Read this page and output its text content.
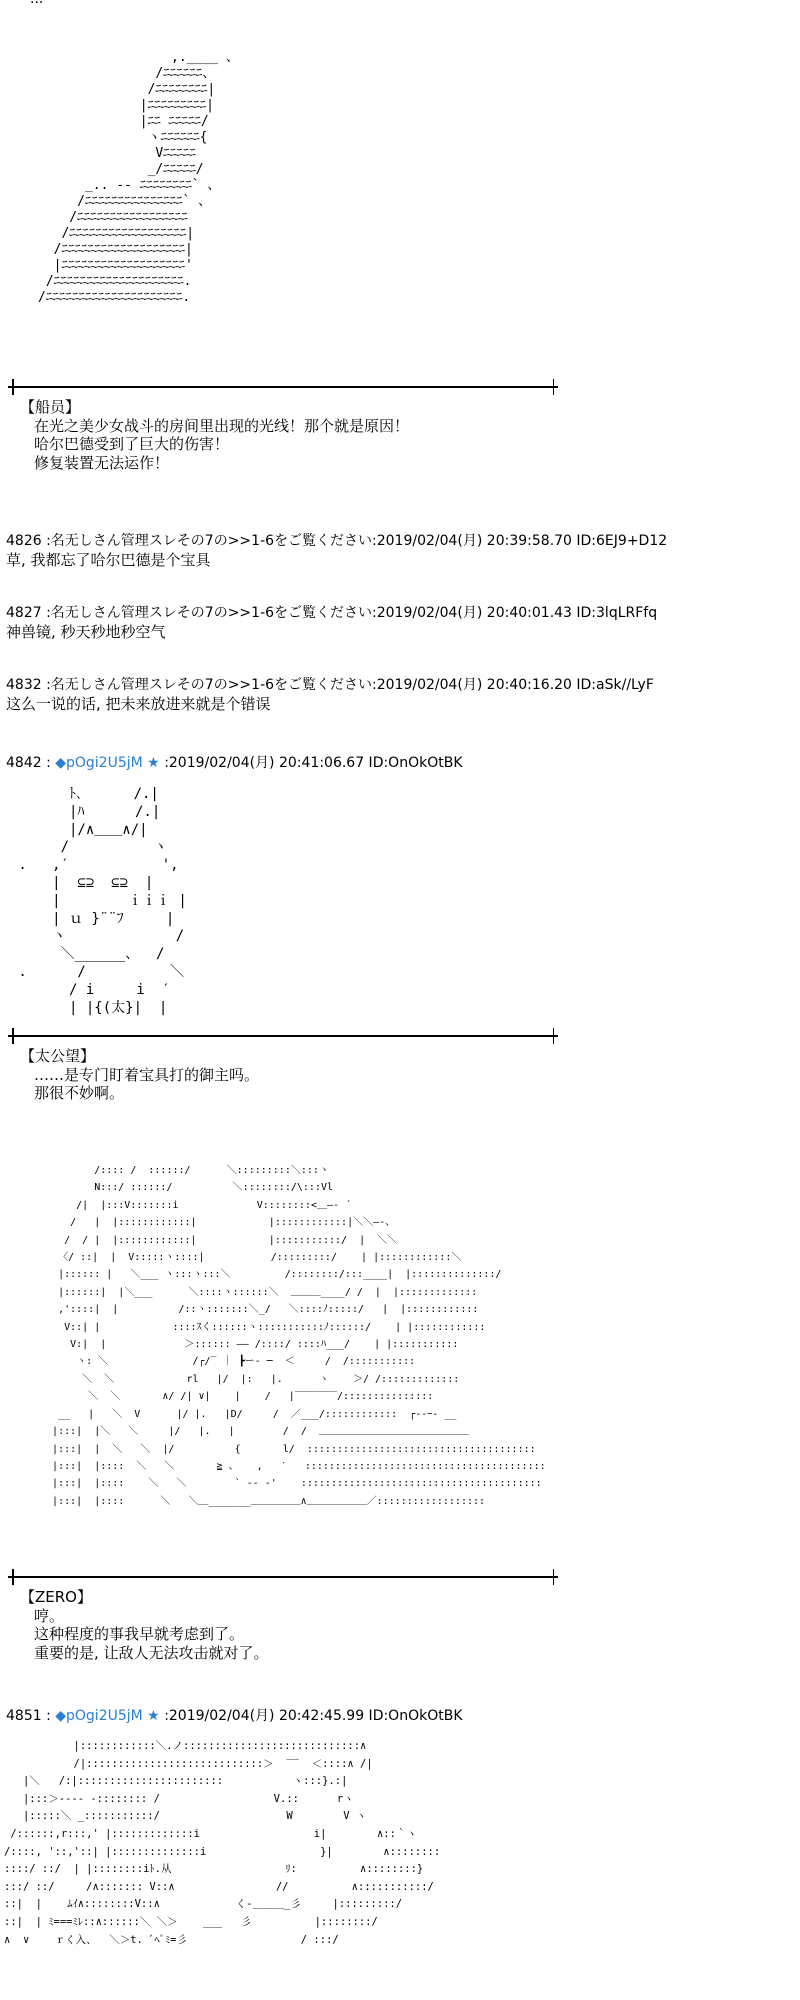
,.____ 、
/ﾆﾆﾆﾆﾆﾆ、
/ﾆﾆﾆﾆﾆﾆﾆﾆ|
|ﾆﾆﾆﾆﾆﾆﾆﾆﾆ|
|ﾆﾆ ﾆﾆﾆﾆﾆ/
ヽﾆﾆﾆﾆﾆﾆ{
Vﾆﾆﾆﾆﾆ
_/ﾆﾆﾆﾆﾆ/
_.. -‐ ﾆﾆﾆﾆﾆﾆﾆﾆ` 、
/ﾆﾆﾆﾆﾆﾆﾆﾆﾆﾆﾆﾆﾆﾆﾆ` 、
/ﾆﾆﾆﾆﾆﾆﾆﾆﾆﾆﾆﾆﾆﾆﾆﾆﾆ
/ﾆﾆﾆﾆﾆﾆﾆﾆﾆﾆﾆﾆﾆﾆﾆﾆﾆﾆ|
/ﾆﾆﾆﾆﾆﾆﾆﾆﾆﾆﾆﾆﾆﾆﾆﾆﾆﾆﾆ|
|ﾆﾆﾆﾆﾆﾆﾆﾆﾆﾆﾆﾆﾆﾆﾆﾆﾆﾆﾆ'
/ﾆﾆﾆﾆﾆﾆﾆﾆﾆﾆﾆﾆﾆﾆﾆﾆﾆﾆﾆﾆ.
/ﾆﾆﾆﾆﾆﾆﾆﾆﾆﾆﾆﾆﾆﾆﾆﾆﾆﾆﾆﾆﾆ.
【船员】
在光之美少女战斗的房间里出现的光线！那个就是原因！
哈尔巴德受到了巨大的伤害！
修复装置无法运作！
4826 :名无しさん管理スレその7の>>1-6をご覧ください:2019/02/04(月) 20:39:58.70 ID:6EJ9+D12
草, 我都忘了哈尔巴德是个宝具
4827 :名无しさん管理スレその7の>>1-6をご覧ください:2019/02/04(月) 20:40:01.43 ID:3lqLRFfq
神兽镜, 秒天秒地秒空气
4832 :名无しさん管理スレその7の>>1-6をご覧ください:2019/02/04(月) 20:40:16.20 ID:aSk//LyF
这么一说的话, 把未来放进来就是个错误
4842 : ◆pOgi2U5jM ★ :2019/02/04(月) 20:41:06.67 ID:OnOkOtBK
ﾄ､      /.|
|ﾊ      /.|
|/∧＿＿∧/|
/          ヽ
.   ,′           ',
|  ⊆⊇  ⊆⊇  |
|        ｉｉｉ |
| ｕ }¨¨ﾌ     |
ヽ             /
＼______、  /
.      /          ＼
/ i     i  ′
| |{(太}|  |
【太公望】
……是专门盯着宝具打的御主吗。
那很不妙啊。
/:::: /  ::::::/      ＼:::::::::＼:::ヽ
N:::/ ::::::/          ＼::::::::/\:::Vl
/|  |:::V:::::::i             V::::::::<＿—‐ ´
/   |  |::::::::::::|            |::::::::::::|＼＼—-、
/  / |  |::::::::::::|            |:::::::::::/  |  ＼＼
〈/ ::|  |  V:::::ヽ::::|           /:::::::::/    | |::::::::::::＼
|:::::: |   ＼___ ヽ:::ヽ:::＼         /::::::::/:::____|  |::::::::::::::/
|::::::|  |＼___      ＼::::ヽ::::::＼  ＿＿＿____/ /  |  |:::::::::::::
,'::::|  |          /::ヽ:::::::＼_/   ＼::::ﾉ:::::/   |  |::::::::::::
V::| |            ::::ｽく::::::ヽ:::::::::::ﾉ::::::/    | |::::::::::::
V:|  |             ＞:::::: —— /::::/ ::::ﾊ___/    | |:::::::::::
ヽ: ＼              ∕┌/‾ ｜ ┣ー‐ ─  ＜     /  /:::::::::::
＼  ＼            rl   |/  |:   |.      ヽ    ＞/ /:::::::::::::
＼  ＼       ∧/ /| ∨|    |    /   |‾‾‾‾‾‾‾/:::::::::::::::
__   |   ＼  V      |/ |.   |D/     /  ／___/::::::::::::  ┌‐-ｰ- __
|:::|  |＼   ＼     |/   |.   |        /  /  ＿＿＿＿＿＿＿＿＿＿＿＿＿＿＿
|:::|  |  ＼   ＼  |/          {       l/  ::::::::::::::::::::::::::::::::::::::
|:::|  |::::  ＼   ＼       ≧ 、   ,   ′   ::::::::::::::::::::::::::::::::::::::::
|:::|  |::::    ＼   ＼        ` ‐- ‐'    ::::::::::::::::::::::::::::::::::::::::
|:::|  |::::      ＼   ＼＿_______＿＿＿＿＿∧＿＿＿＿＿＿／::::::::::::::::::

【ZERO】
哼。
这种程度的事我早就考虑到了。
重要的是, 让敌人无法攻击就对了。
4851 : ◆pOgi2U5jM ★ :2019/02/04(月) 20:42:45.99 ID:OnOkOtBK
|::::::::::::＼.ノ::::::::::::::::::::::::::::∧
/|::::::::::::::::::::::::::::＞  ‾‾  ＜::::∧ /|
|＼   /:|:::::::::::::::::::::::           ヽ:::}.:|
|:::＞‐‐‐‐ ‐:::::::: /                  V.::      rヽ
|:::::＼ _:::::::::::/                    W        V ヽ
/::::::,r:::,' |:::::::::::::i                  i|        ∧::｀ヽ
/::::, '::,'::| |::::::::::::::i                  }|        ∧::::::::
::::/ ::/  | |::::::::iﾄ.从                  ﾘ:          ∧::::::::}
:::/ ::/     /∧::::::: V::∧                //          ∧:::::::::::/
::|  |    ﾑｲ∧::::::::V::∧            く‐＿＿＿_彡     |:::::::::/
::|  | ﾐ===ﾐﾚ::∧::::::＼ ＼＞    ___   彡          |::::::::/
∧  ∨    ｒく入、  ＼＞t. ﾞﾍﾞﾐ=彡                  / :::/
